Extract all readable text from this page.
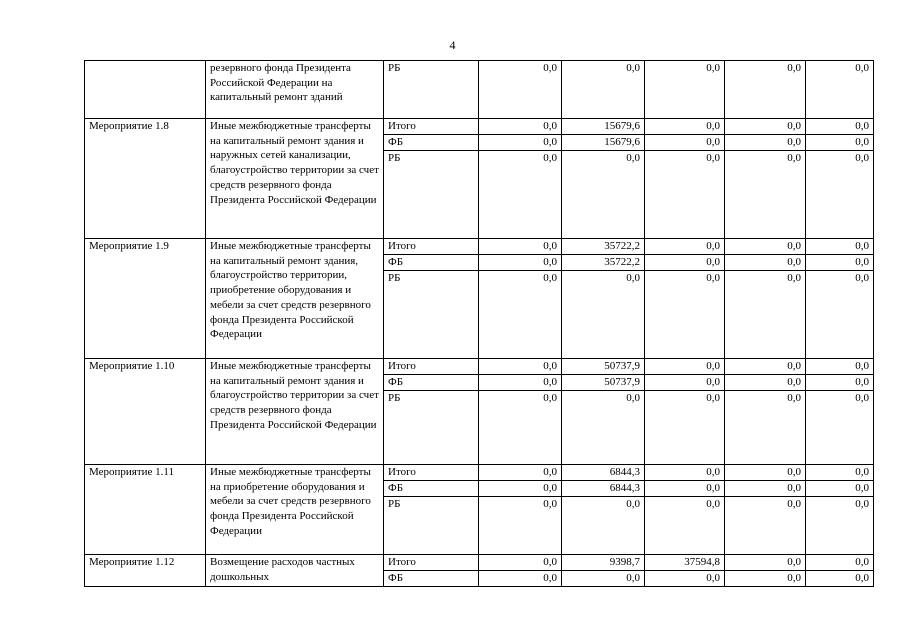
4
	резервного фонда Президента Российской Федерации на капитальный ремонт зданий	РБ	0,0	0,0	0,0	0,0	0,0
Мероприятие 1.8	Иные межбюджетные трансферты на капитальный ремонт здания и наружных сетей канализации, благоустройство территории за счет средств резервного фонда Президента Российской Федерации	Итого	0,0	15679,6	0,0	0,0	0,0
		ФБ	0,0	15679,6	0,0	0,0	0,0
		РБ	0,0	0,0	0,0	0,0	0,0
Мероприятие 1.9	Иные межбюджетные трансферты на капитальный ремонт здания, благоустройство территории, приобретение оборудования и мебели за счет средств резервного фонда Президента Российской Федерации	Итого	0,0	35722,2	0,0	0,0	0,0
		ФБ	0,0	35722,2	0,0	0,0	0,0
		РБ	0,0	0,0	0,0	0,0	0,0
Мероприятие 1.10	Иные межбюджетные трансферты на капитальный ремонт здания и благоустройство территории за счет средств резервного фонда Президента Российской Федерации	Итого	0,0	50737,9	0,0	0,0	0,0
		ФБ	0,0	50737,9	0,0	0,0	0,0
		РБ	0,0	0,0	0,0	0,0	0,0
Мероприятие 1.11	Иные межбюджетные трансферты на приобретение оборудования и мебели за счет средств резервного фонда Президента Российской Федерации	Итого	0,0	6844,3	0,0	0,0	0,0
		ФБ	0,0	6844,3	0,0	0,0	0,0
		РБ	0,0	0,0	0,0	0,0	0,0
Мероприятие 1.12	Возмещение расходов частных дошкольных	Итого	0,0	9398,7	37594,8	0,0	0,0
		ФБ	0,0	0,0	0,0	0,0	0,0
